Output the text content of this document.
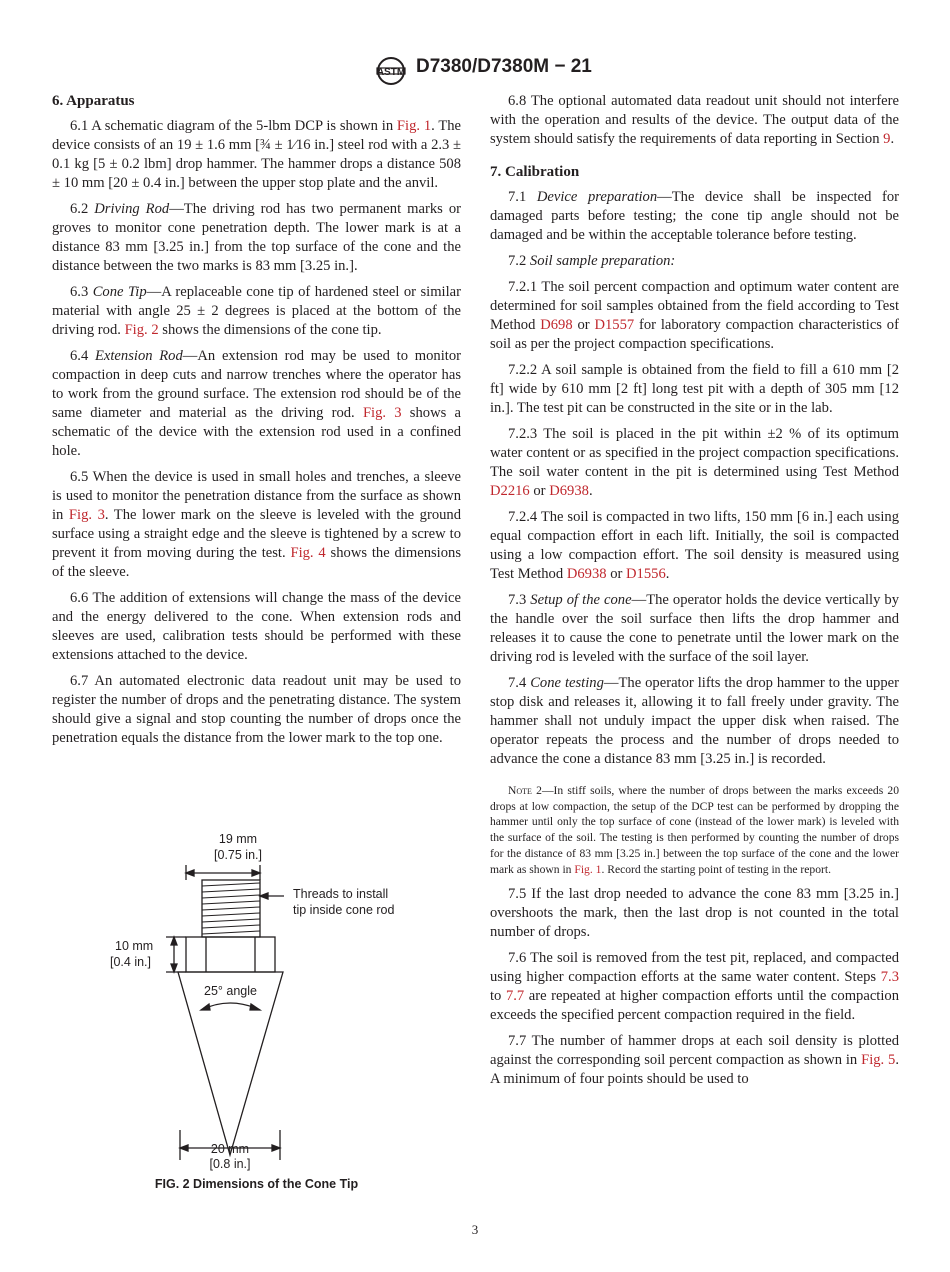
ASTM D7380/D7380M − 21
6. Apparatus

6.1 A schematic diagram of the 5-lbm DCP is shown in Fig. 1. The device consists of an 19 ± 1.6 mm [¾ ± 1⁄16 in.] steel rod with a 2.3 ± 0.1 kg [5 ± 0.2 lbm] drop hammer. The hammer drops a distance 508 ± 10 mm [20 ± 0.4 in.] between the upper stop plate and the anvil.

6.2 Driving Rod—The driving rod has two permanent marks or groves to monitor cone penetration depth. The lower mark is at a distance 83 mm [3.25 in.] from the top surface of the cone and the distance between the two marks is 83 mm [3.25 in.].

6.3 Cone Tip—A replaceable cone tip of hardened steel or similar material with angle 25 ± 2 degrees is placed at the bottom of the driving rod. Fig. 2 shows the dimensions of the cone tip.

6.4 Extension Rod—An extension rod may be used to monitor compaction in deep cuts and narrow trenches where the operator has to work from the ground surface. The extension rod should be of the same diameter and material as the driving rod. Fig. 3 shows a schematic of the device with the extension rod used in a confined hole.

6.5 When the device is used in small holes and trenches, a sleeve is used to monitor the penetration distance from the surface as shown in Fig. 3. The lower mark on the sleeve is leveled with the ground surface using a straight edge and the sleeve is tightened by a screw to prevent it from moving during the test. Fig. 4 shows the dimensions of the sleeve.

6.6 The addition of extensions will change the mass of the device and the energy delivered to the cone. When extension rods and sleeves are used, calibration tests should be performed with these extensions attached to the device.

6.7 An automated electronic data readout unit may be used to register the number of drops and the penetrating distance. The system should give a signal and stop counting the number of drops once the penetration equals the distance from the lower mark to the top one.

19 mm
[0.75 in.]
Threads to install
tip inside cone rod
10 mm
[0.4 in.]
25° angle
20 mm
[0.8 in.]
FIG. 2 Dimensions of the Cone Tip

6.8 The optional automated data readout unit should not interfere with the operation and results of the device. The output data of the system should satisfy the requirements of data reporting in Section 9.

7. Calibration

7.1 Device preparation—The device shall be inspected for damaged parts before testing; the cone tip angle should not be damaged and be within the acceptable tolerance before testing.

7.2 Soil sample preparation:

7.2.1 The soil percent compaction and optimum water content are determined for soil samples obtained from the field according to Test Method D698 or D1557 for laboratory compaction characteristics of soil as per the project compaction specifications.

7.2.2 A soil sample is obtained from the field to fill a 610 mm [2 ft] wide by 610 mm [2 ft] long test pit with a depth of 305 mm [12 in.]. The test pit can be constructed in the site or in the lab.

7.2.3 The soil is placed in the pit within ±2 % of its optimum water content or as specified in the project compaction specifications. The soil water content in the pit is determined using Test Method D2216 or D6938.

7.2.4 The soil is compacted in two lifts, 150 mm [6 in.] each using equal compaction effort in each lift. Initially, the soil is compacted using a low compaction effort. The soil density is measured using Test Method D6938 or D1556.

7.3 Setup of the cone—The operator holds the device vertically by the handle over the soil surface then lifts the drop hammer and releases it to cause the cone to penetrate until the lower mark on the driving rod is leveled with the surface of the soil layer.

7.4 Cone testing—The operator lifts the drop hammer to the upper stop disk and releases it, allowing it to fall freely under gravity. The hammer shall not unduly impact the upper disk when raised. The operator repeats the process and the number of drops needed to advance the cone a distance 83 mm [3.25 in.] is recorded.

Note 2—In stiff soils, where the number of drops between the marks exceeds 20 drops at low compaction, the setup of the DCP test can be performed by dropping the hammer until only the top surface of cone (instead of the lower mark) is leveled with the surface of the soil. The testing is then performed by counting the number of drops for the distance of 83 mm [3.25 in.] between the top surface of the cone and the lower mark as shown in Fig. 1. Record the starting point of testing in the report.

7.5 If the last drop needed to advance the cone 83 mm [3.25 in.] overshoots the mark, then the last drop is not counted in the total number of drops.

7.6 The soil is removed from the test pit, replaced, and compacted using higher compaction efforts at the same water content. Steps 7.3 to 7.7 are repeated at higher compaction efforts until the compaction exceeds the specified percent compaction required in the field.

7.7 The number of hammer drops at each soil density is plotted against the corresponding soil percent compaction as shown in Fig. 5. A minimum of four points should be used to

3
